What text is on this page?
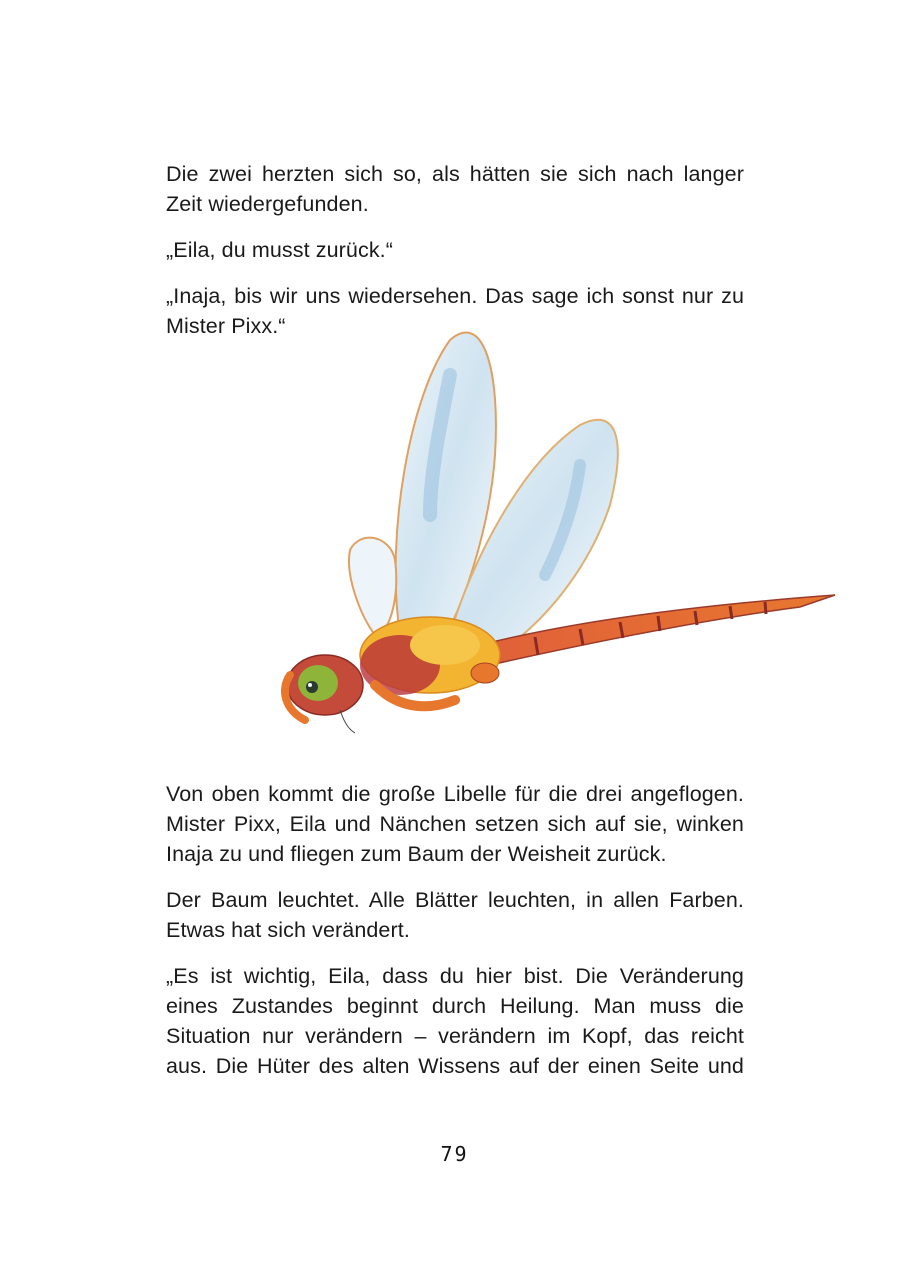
Die zwei herzten sich so, als hätten sie sich nach langer Zeit wiedergefunden.

„Eila, du musst zurück.“

„Inaja, bis wir uns wiedersehen. Das sage ich sonst nur zu Mister Pixx.“

Von oben kommt die große Libelle für die drei angeflogen. Mister Pixx, Eila und Nänchen setzen sich auf sie, winken Inaja zu und fliegen zum Baum der Weisheit zurück.

Der Baum leuchtet. Alle Blätter leuchten, in allen Farben. Etwas hat sich verändert.

„Es ist wichtig, Eila, dass du hier bist. Die Veränderung eines Zustandes beginnt durch Heilung. Man muss die Situation nur verändern – verändern im Kopf, das reicht aus. Die Hüter des alten Wissens auf der einen Seite und

79
